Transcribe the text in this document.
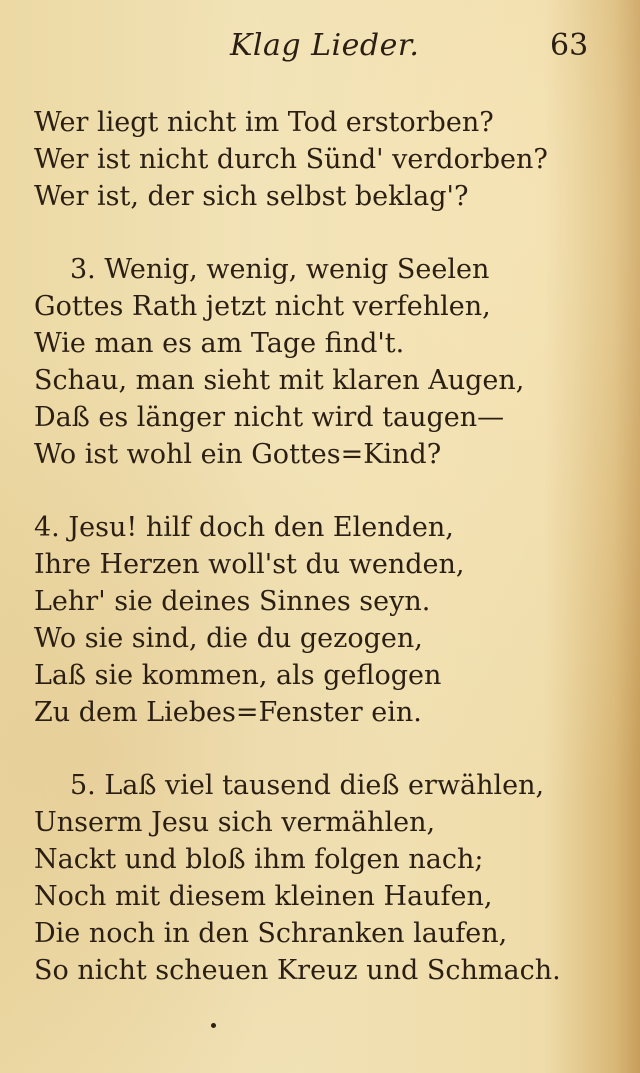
Klag Lieder.	63
Wer liegt nicht im Tod erstorben?
Wer ist nicht durch Sünd' verdorben?
Wer ist, der sich selbst beklag'?
3. Wenig, wenig, wenig Seelen
Gottes Rath jetzt nicht verfehlen,
Wie man es am Tage find't.
Schau, man sieht mit klaren Augen,
Daß es länger nicht wird taugen—
Wo ist wohl ein Gottes=Kind?
4. Jesu! hilf doch den Elenden,
Ihre Herzen woll'st du wenden,
Lehr' sie deines Sinnes seyn.
Wo sie sind, die du gezogen,
Laß sie kommen, als geflogen
Zu dem Liebes=Fenster ein.
5. Laß viel tausend dieß erwählen,
Unserm Jesu sich vermählen,
Nackt und bloß ihm folgen nach;
Noch mit diesem kleinen Haufen,
Die noch in den Schranken laufen,
So nicht scheuen Kreuz und Schmach.
